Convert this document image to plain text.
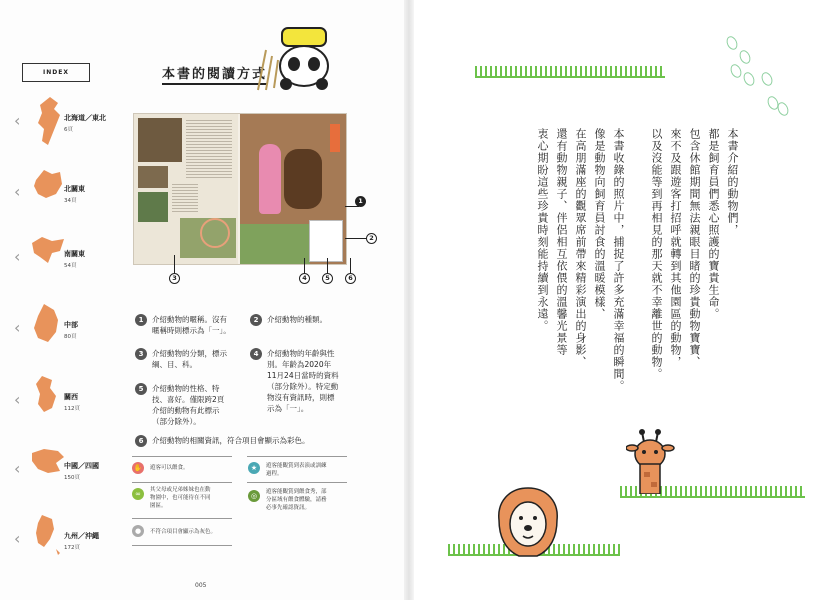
INDEX
‹	北海道／東北
6頁
‹	北關東
34頁
‹	南關東
54頁
‹	中部
80頁
‹	關西
112頁
‹	中國／四國
150頁
‹	九州／沖繩
172頁
本書的閱讀方式
1
2
3	4	5	6
1	介紹動物的暱稱。沒有
暱稱時則標示為「一」。
2	介紹動物的種類。
3	介紹動物的分類，標示
綱、目、科。
4	介紹動物的年齡與性
別。年齡為2020年
11月24日當時的資料
（部分除外）。特定動
物沒有資訊時，則標
示為「一」。
5	介紹動物的性格、特
技、喜好。僅限跨2頁
介紹的動物有此標示
（部分除外）。
6	介紹動物的相關資訊，符合項目會顯示為彩色。
✋ 遊客可以餵食。	★	遊客能觀賞到表演或訓練
過程。
∞	其父母或兄弟姊妹也在動
物園中，也可能待在不同
園區。
◎	遊客能觀賞到餵食秀，部
分區域有餵食體驗，請務
必事先確認資訊。
●	不符合項目會顯示為灰色。
005
本書介紹的動物們，
都是飼育員們悉心照護的寶貴生命。
包含休館期間無法親眼目睹的珍貴動物寶寶、
來不及跟遊客打招呼就轉到其他園區的動物，
以及沒能等到再相見的那天就不幸離世的動物。
本書收錄的照片中，捕捉了許多充滿幸福的瞬間。
像是動物向飼育員討食的溫暖模樣、
在高朋滿座的觀眾席前帶來精彩演出的身影、
還有動物親子、伴侶相互依偎的溫馨光景等
衷心期盼這些珍貴時刻能持續到永遠。
